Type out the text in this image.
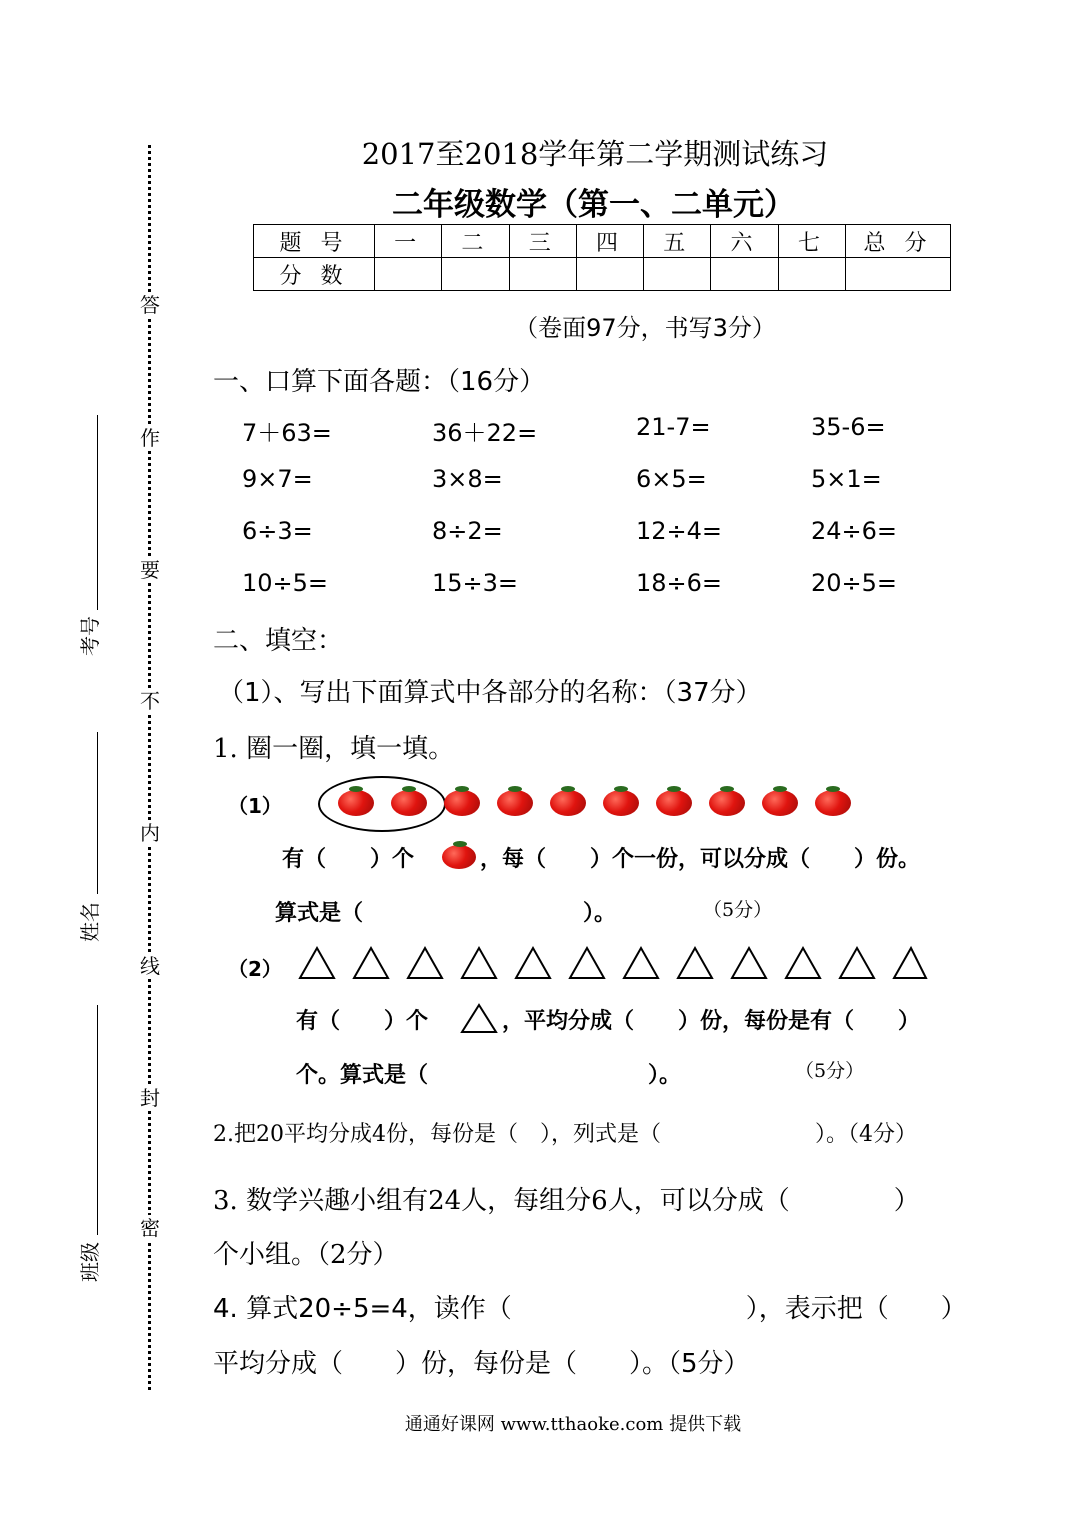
答
作
要
不
内
线
封
密
考号
姓名
班级
2017至2018学年第二学期测试练习
二年级数学（第一、二单元）
题 号	一	二	三	四	五	六	七	总 分
分 数								
（卷面97分，书写3分）
一、口算下面各题：（16分）
7＋63=	36＋22=	21-7=	35-6=
9×7=	3×8=	6×5=	5×1=
6÷3=	8÷2=	12÷4=	24÷6=
10÷5=	15÷3=	18÷6=	20÷5=
二、填空：
（1）、写出下面算式中各部分的名称：（37分）
1. 圈一圈，填一填。
（1）
有（　　）个	，每（　　）个一份，可以分成（　　）份。
算式是（　　　　　　　　　　）。	（5分）
（2）
有（　　）个	，平均分成（　　）份，每份是有（　　）
个。算式是（　　　　　　　　　　）。	（5分）
2.把20平均分成4份，每份是（　），列式是（　　　　　　　）。（4分）
3. 数学兴趣小组有24人，每组分6人，可以分成（　　　　）
个小组。（2分）
4. 算式20÷5=4，读作（　　　　　　　　　），表示把（　　）
平均分成（　　）份，每份是（　　）。（5分）
通通好课网 www.tthaoke.com 提供下载
